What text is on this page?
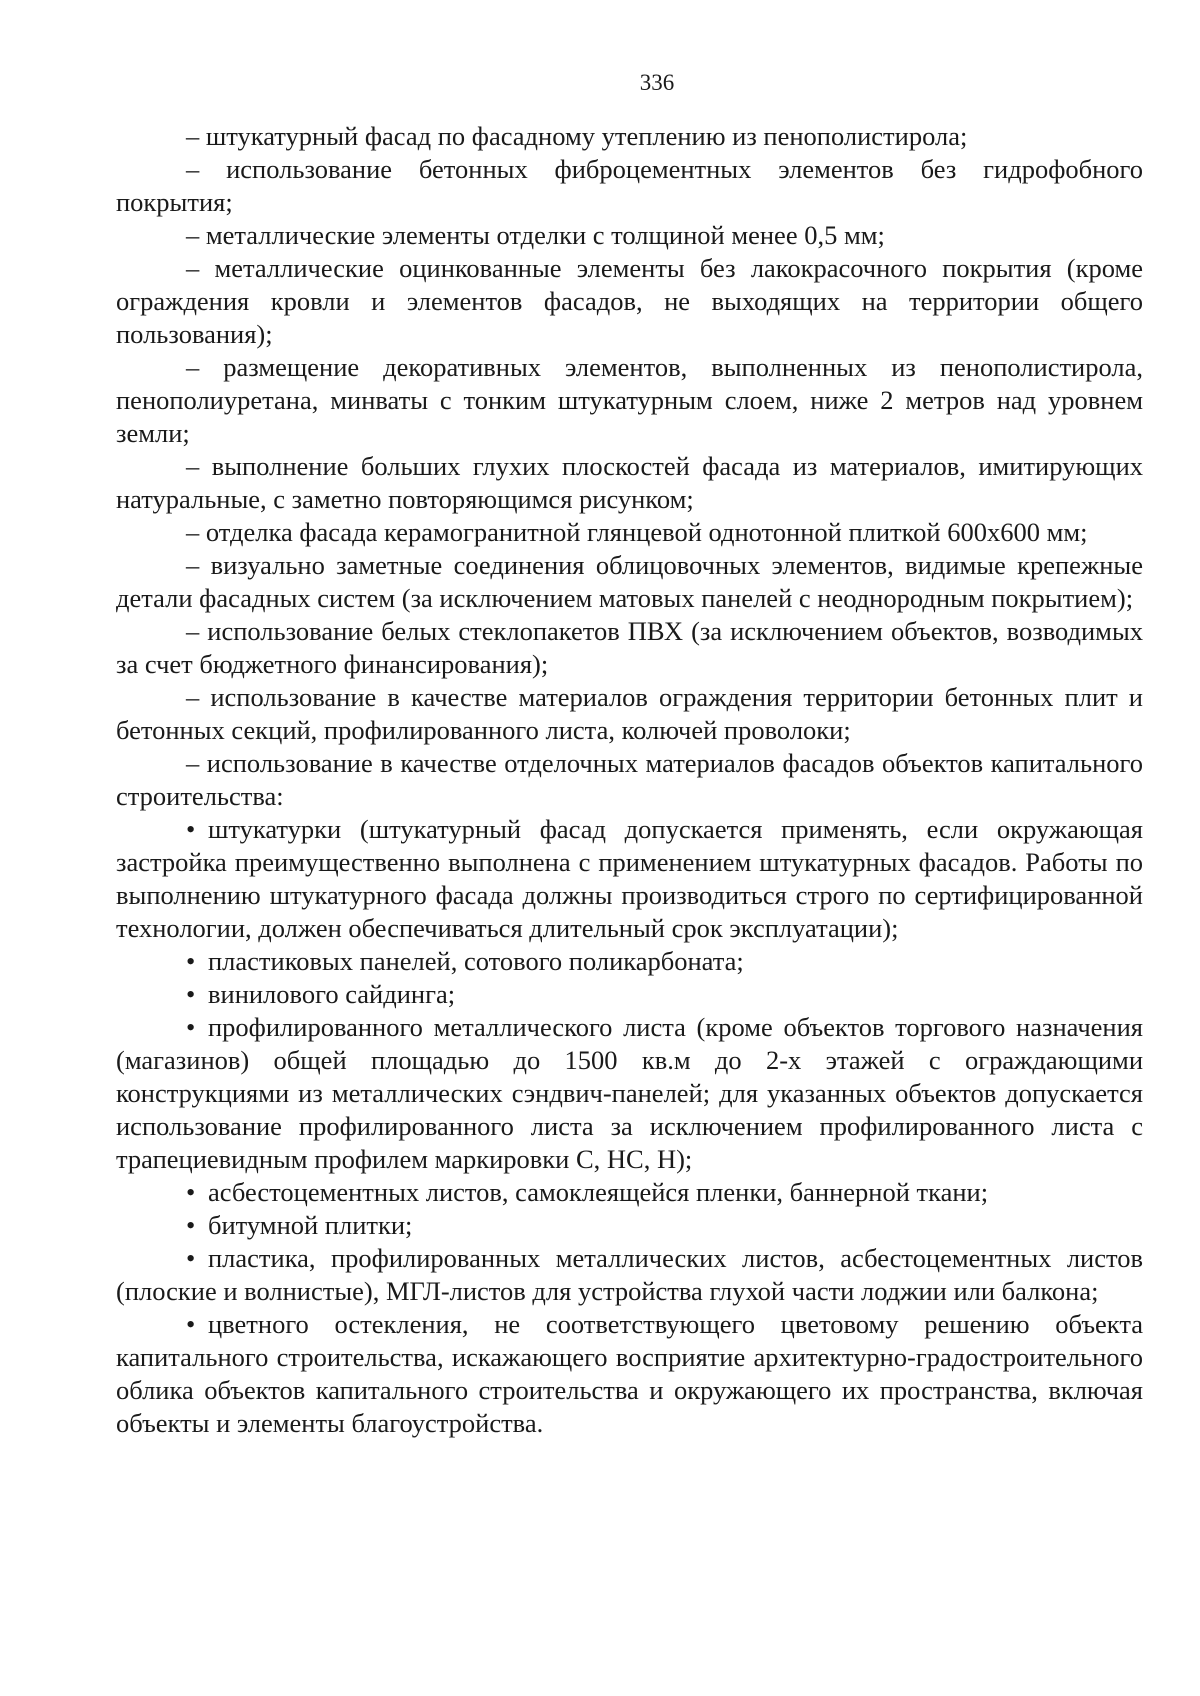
336

– штукатурный фасад по фасадному утеплению из пенополистирола;

– использование бетонных фиброцементных элементов без гидрофобного покрытия;

– металлические элементы отделки с толщиной менее 0,5 мм;

– металлические оцинкованные элементы без лакокрасочного покрытия (кроме ограждения кровли и элементов фасадов, не выходящих на территории общего пользования);

– размещение декоративных элементов, выполненных из пенополистирола, пенополиуретана, минваты с тонким штукатурным слоем, ниже 2 метров над уровнем земли;

– выполнение больших глухих плоскостей фасада из материалов, имитирующих натуральные, с заметно повторяющимся рисунком;

– отделка фасада керамогранитной глянцевой однотонной плиткой 600х600 мм;

– визуально заметные соединения облицовочных элементов, видимые крепежные детали фасадных систем (за исключением матовых панелей с неоднородным покрытием);

– использование белых стеклопакетов ПВХ (за исключением объектов, возводимых за счет бюджетного финансирования);

– использование в качестве материалов ограждения территории бетонных плит и бетонных секций, профилированного листа, колючей проволоки;

– использование в качестве отделочных материалов фасадов объектов капитального строительства:

• штукатурки (штукатурный фасад допускается применять, если окружающая застройка преимущественно выполнена с применением штукатурных фасадов. Работы по выполнению штукатурного фасада должны производиться строго по сертифицированной технологии, должен обеспечиваться длительный срок эксплуатации);

• пластиковых панелей, сотового поликарбоната;

• винилового сайдинга;

• профилированного металлического листа (кроме объектов торгового назначения (магазинов) общей площадью до 1500 кв.м до 2-х этажей с ограждающими конструкциями из металлических сэндвич-панелей; для указанных объектов допускается использование профилированного листа за исключением профилированного листа с трапециевидным профилем маркировки С, НС, Н);

• асбестоцементных листов, самоклеящейся пленки, баннерной ткани;

• битумной плитки;

• пластика, профилированных металлических листов, асбестоцементных листов (плоские и волнистые), МГЛ-листов для устройства глухой части лоджии или балкона;

• цветного остекления, не соответствующего цветовому решению объекта капитального строительства, искажающего восприятие архитектурно-градостроительного облика объектов капитального строительства и окружающего их пространства, включая объекты и элементы благоустройства.
